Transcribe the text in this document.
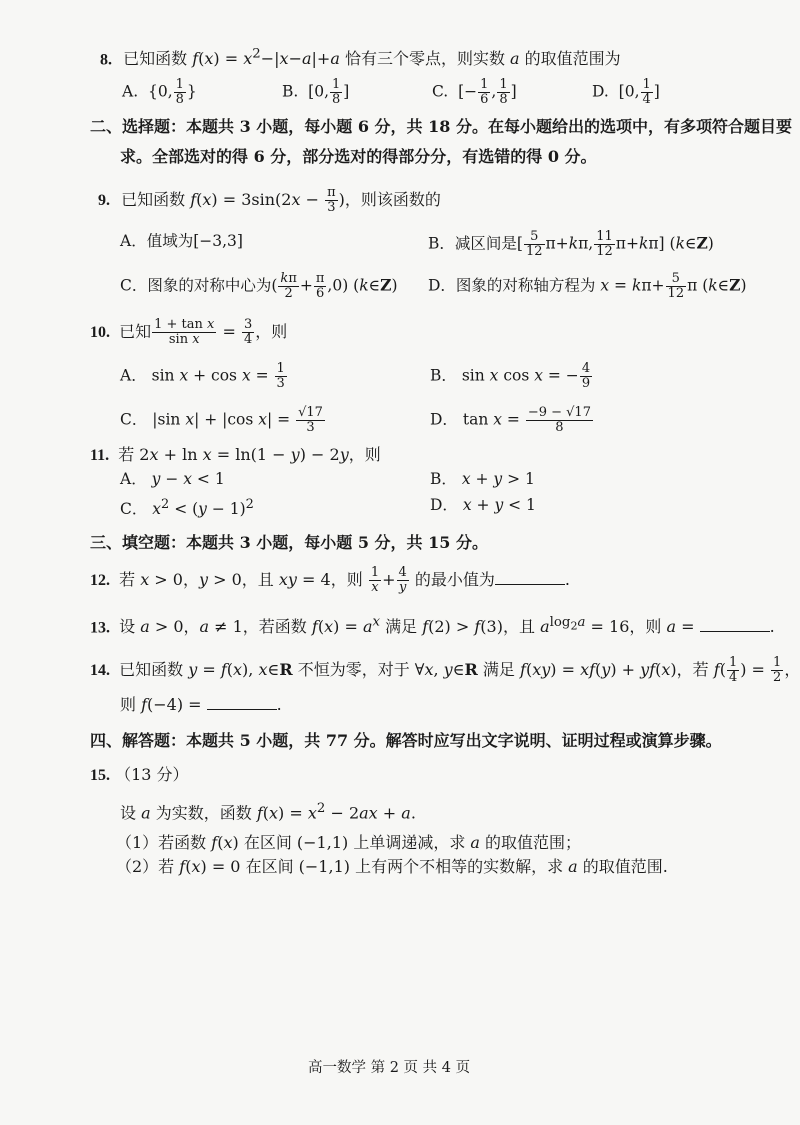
8. 已知函数 $f(x) = x^2-|x-a|+a$ 恰有三个零点，则实数 a 的取值范围为
A.  {0, $\frac{1}{8}$ }	B.  [0, $\frac{1}{8}$ ]	C.  [− $\frac{1}{6}$ , $\frac{1}{8}$ ]	D.  [0, $\frac{1}{4}$ ]
二、选择题：本题共 3 小题，每小题 6 分，共 18 分。在每小题给出的选项中，有多项符合题目要
求。全部选对的得 6 分，部分选对的得部分分，有选错的得 0 分。
9. 已知函数 $f(x) = 3\sin(2x - \frac{\pi}{3}$ )，则该函数的
A．值域为[−3,3]	B．减区间是[ $\frac{5}{12} \pi+k\pi$, $\frac{11}{12} \pi+k\pi$] (k∈Z)
C．图象的对称中心为( $\frac{k\pi}{2} + \frac{\pi}{6} ,0$) (k∈Z) D．图象的对称轴方程为 $x = k\pi+ \frac{5}{12}$ π (k∈Z)
10. 已知 $\frac{\text{1 + tan x}}{\text{sin x}} = \frac{3}{4}$ ，则
A． $\sin x + \cos x = \frac{1}{3}$	B． sin x cos x = − $\frac{4}{9}$
C． |sin x| + |cos $x| = \frac{√17}{3}$	D． $\tan x = \frac{-9 - √17}{8}$
11. 若 2x + ln x = ln(1 − y) − 2y，则
A． y − x < 1	B． x + y > 1
C． $x^2 < (y - 1)^2$	D． x + y < 1
三、填空题：本题共 3 小题，每小题 5 分，共 15 分。
12. 若 x > 0，y > 0，且 xy = 4，则 $\frac{1}{x} + \frac{4}{y}$ 的最小值为	.
13. 设 a > 0，a ≠ 1，若函数 $f(x) = a^x$ 满足 f(2) > f(3)，且 $a^{log_2a} = 16$，则 a =	.
14. 已知函数 y = f(x), x∈R 不恒为零，对于 ∀x, y∈R 满足 f(xy) = xf(y) + yf(x)，若 $f( \frac{1}{4}$ ) = $\frac{1}{2}$ ，
则 f(−4) =	.
四、解答题：本题共 5 小题，共 77 分。解答时应写出文字说明、证明过程或演算步骤。
15. （13 分）
设 a 为实数，函数 $f(x) = x^2 - 2ax + a$.
（1）若函数 f(x) 在区间 (−1,1) 上单调递减，求 a 的取值范围；
（2）若 f(x) = 0 在区间 (−1,1) 上有两个不相等的实数解，求 a 的取值范围.
高一数学 第 2 页 共 4 页
